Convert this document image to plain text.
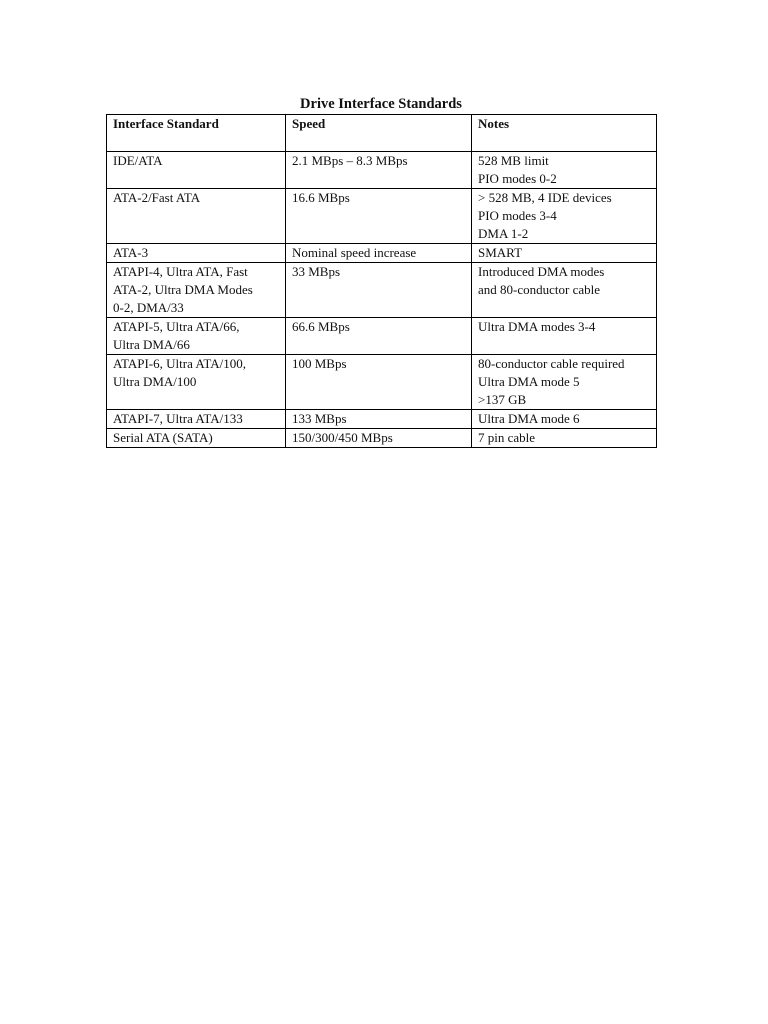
Drive Interface Standards
Interface Standard	Speed	Notes

IDE/ATA	2.1 MBps – 8.3 MBps	528 MB limit
PIO modes 0-2

ATA-2/Fast ATA	16.6 MBps	> 528 MB, 4 IDE devices
PIO modes 3-4
DMA 1-2

ATA-3	Nominal speed increase	SMART

ATAPI-4, Ultra ATA, Fast
ATA-2, Ultra DMA Modes
0-2, DMA/33	33 MBps	Introduced DMA modes
and 80-conductor cable

ATAPI-5, Ultra ATA/66,
Ultra DMA/66	66.6 MBps	Ultra DMA modes 3-4

ATAPI-6, Ultra ATA/100,
Ultra DMA/100	100 MBps	80-conductor cable required
Ultra DMA mode 5
>137 GB

ATAPI-7, Ultra ATA/133	133 MBps	Ultra DMA mode 6

Serial ATA (SATA)	150/300/450 MBps	7 pin cable
